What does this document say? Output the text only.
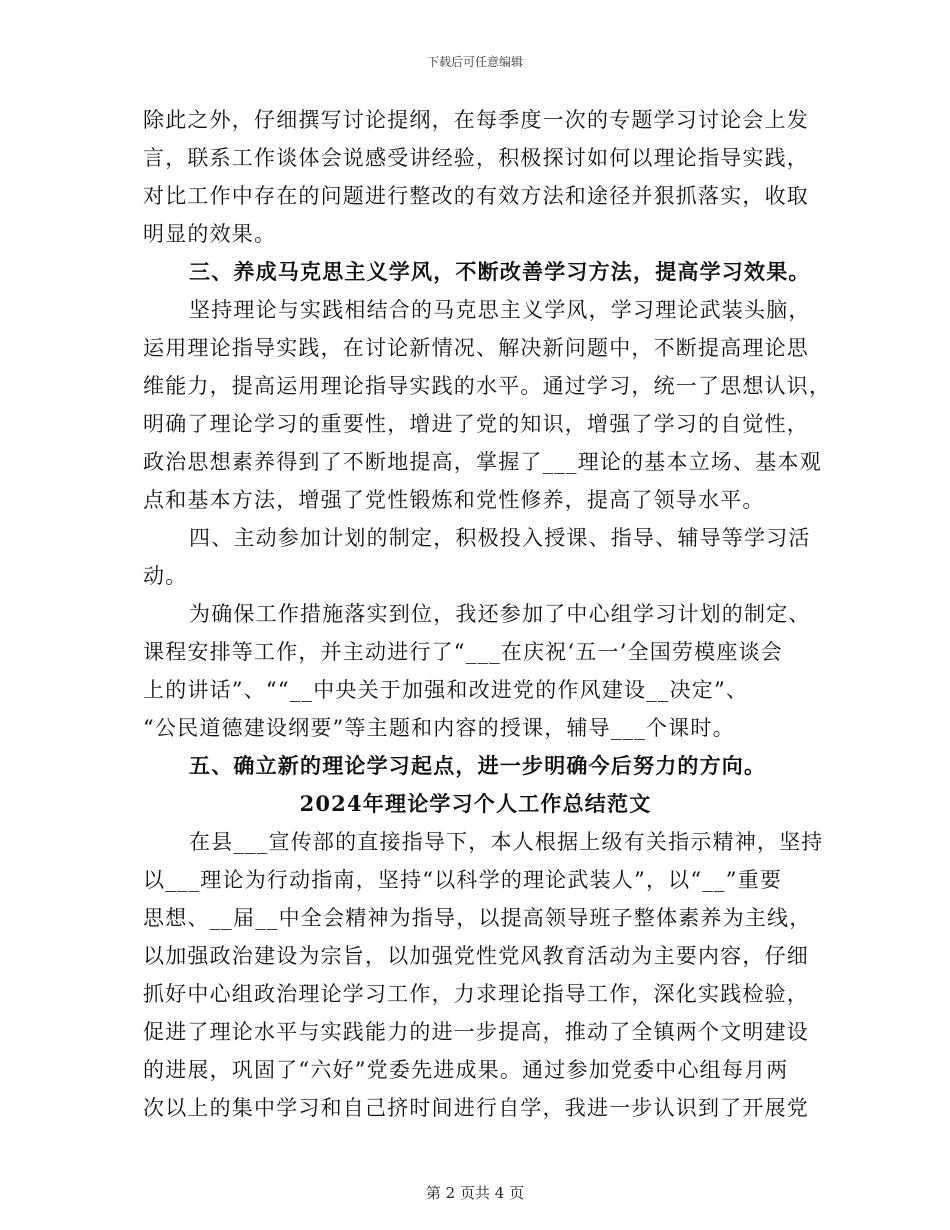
下载后可任意编辑

除此之外，仔细撰写讨论提纲，在每季度一次的专题学习讨论会上发

言，联系工作谈体会说感受讲经验，积极探讨如何以理论指导实践，

对比工作中存在的问题进行整改的有效方法和途径并狠抓落实，收取

明显的效果。

三、养成马克思主义学风，不断改善学习方法，提高学习效果。

坚持理论与实践相结合的马克思主义学风，学习理论武装头脑，

运用理论指导实践，在讨论新情况、解决新问题中，不断提高理论思

维能力，提高运用理论指导实践的水平。通过学习，统一了思想认识，

明确了理论学习的重要性，增进了党的知识，增强了学习的自觉性，

政治思想素养得到了不断地提高，掌握了___理论的基本立场、基本观

点和基本方法，增强了党性锻炼和党性修养，提高了领导水平。

四、主动参加计划的制定，积极投入授课、指导、辅导等学习活

动。

为确保工作措施落实到位，我还参加了中心组学习计划的制定、

课程安排等工作，并主动进行了“___在庆祝‘五一’全国劳模座谈会

上的讲话”、““__中央关于加强和改进党的作风建设__决定”、

“公民道德建设纲要”等主题和内容的授课，辅导___个课时。

五、确立新的理论学习起点，进一步明确今后努力的方向。

2024年理论学习个人工作总结范文

在县___宣传部的直接指导下，本人根据上级有关指示精神，坚持

以___理论为行动指南，坚持“以科学的理论武装人”，以“__”重要

思想、__届__中全会精神为指导，以提高领导班子整体素养为主线，

以加强政治建设为宗旨，以加强党性党风教育活动为主要内容，仔细

抓好中心组政治理论学习工作，力求理论指导工作，深化实践检验，

促进了理论水平与实践能力的进一步提高，推动了全镇两个文明建设

的进展，巩固了“六好”党委先进成果。通过参加党委中心组每月两

次以上的集中学习和自己挤时间进行自学，我进一步认识到了开展党

第 2 页共 4 页
